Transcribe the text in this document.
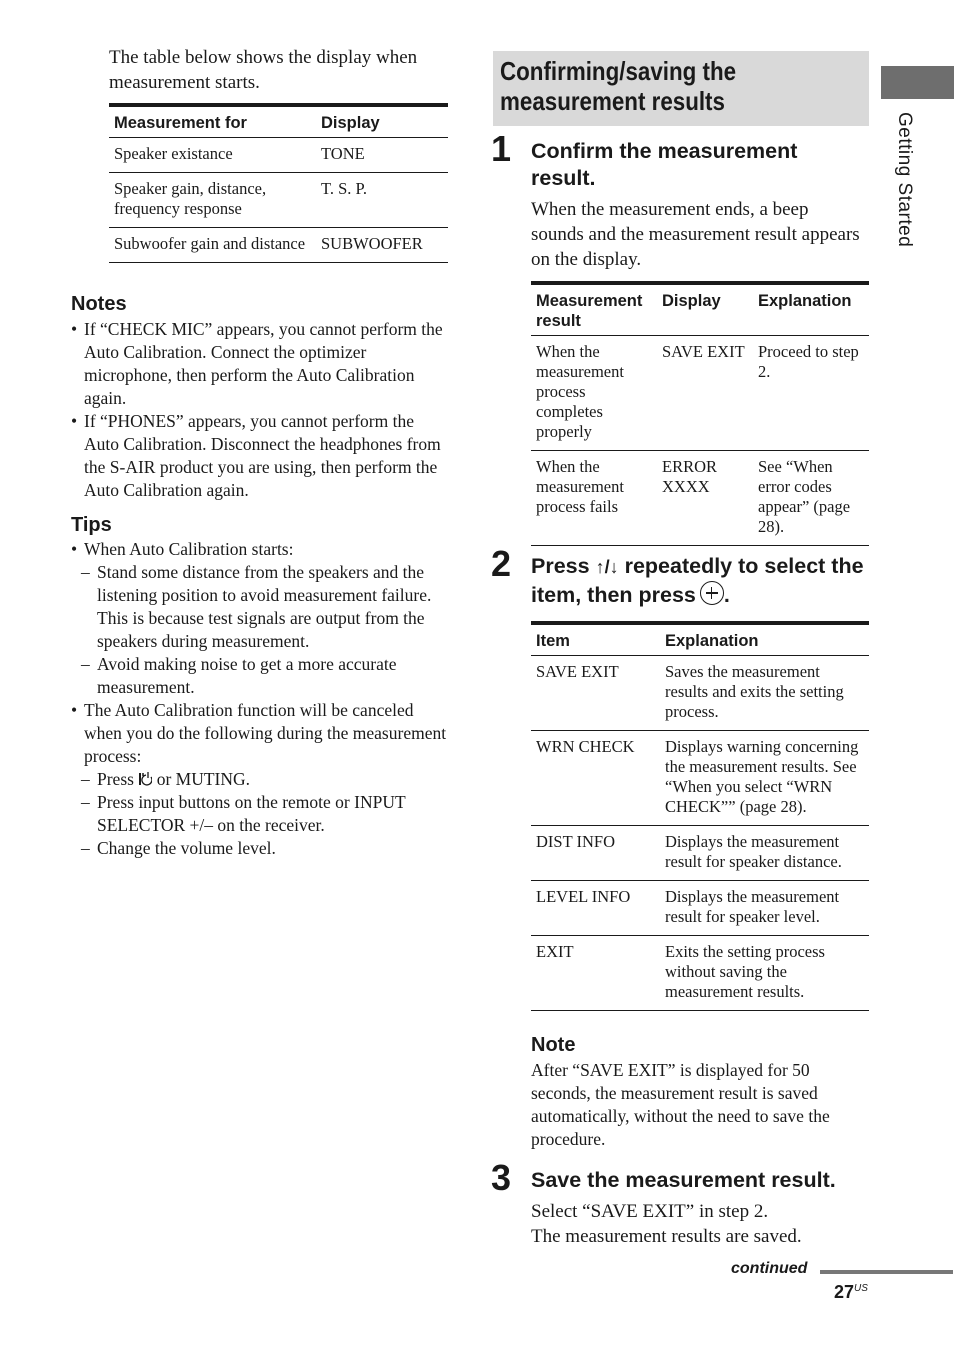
The table below shows the display when measurement starts.
Measurement for	Display
Speaker existance	TONE
Speaker gain, distance, frequency response	T. S. P.
Subwoofer gain and distance	SUBWOOFER
Notes
• If “CHECK MIC” appears, you cannot perform the Auto Calibration. Connect the optimizer microphone, then perform the Auto Calibration again.
• If “PHONES” appears, you cannot perform the Auto Calibration. Disconnect the headphones from the S-AIR product you are using, then perform the Auto Calibration again.
Tips
• When Auto Calibration starts:
– Stand some distance from the speakers and the listening position to avoid measurement failure. This is because test signals are output from the speakers during measurement.
– Avoid making noise to get a more accurate measurement.
• The Auto Calibration function will be canceled when you do the following during the measurement process:
– Press or MUTING.
– Press input buttons on the remote or INPUT SELECTOR +/– on the receiver.
– Change the volume level.
Confirming/saving the measurement results
1 Confirm the measurement result.
When the measurement ends, a beep sounds and the measurement result appears on the display.
Measurement result	Display	Explanation
When the measurement process completes properly	SAVE EXIT	Proceed to step 2.
When the measurement process fails	ERROR XXXX	See “When error codes appear” (page 28).
2 Press ↑/↓ repeatedly to select the item, then press .
Item	Explanation
SAVE EXIT	Saves the measurement results and exits the setting process.
WRN CHECK	Displays warning concerning the measurement results. See “When you select “WRN CHECK”” (page 28).
DIST INFO	Displays the measurement result for speaker distance.
LEVEL INFO	Displays the measurement result for speaker level.
EXIT	Exits the setting process without saving the measurement results.
Note
After “SAVE EXIT” is displayed for 50 seconds, the measurement result is saved automatically, without the need to save the procedure.
3 Save the measurement result.
Select “SAVE EXIT” in step 2.
The measurement results are saved.
Getting Started
continued
$27^{US}$
